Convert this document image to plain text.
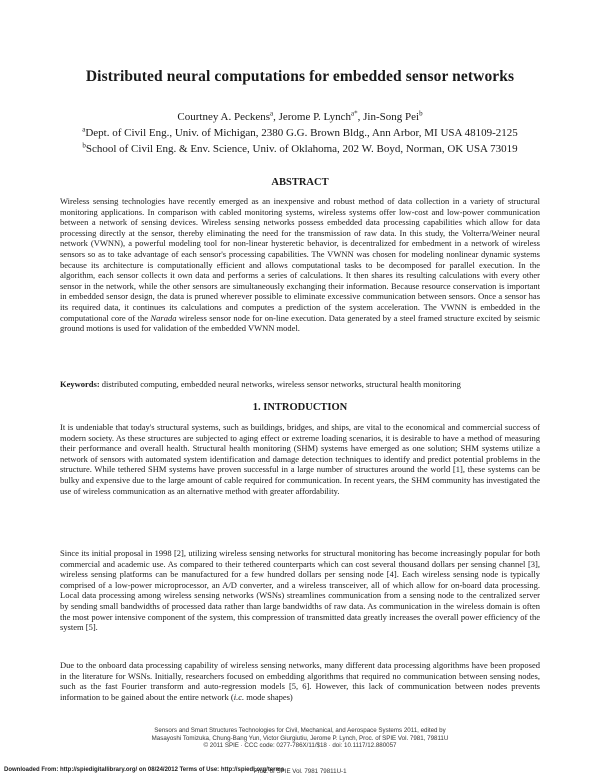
Distributed neural computations for embedded sensor networks
Courtney A. Peckens$^a$, Jerome P. Lynch$^{a*}$, Jin-Song Pei$^b$
$^a$Dept. of Civil Eng., Univ. of Michigan, 2380 G.G. Brown Bldg., Ann Arbor, MI USA 48109-2125
$^b$School of Civil Eng. & Env. Science, Univ. of Oklahoma, 202 W. Boyd, Norman, OK USA 73019
ABSTRACT

Wireless sensing technologies have recently emerged as an inexpensive and robust method of data collection in a variety of structural monitoring applications. In comparison with cabled monitoring systems, wireless systems offer low-cost and low-power communication between a network of sensing devices. Wireless sensing networks possess embedded data processing capabilities which allow for data processing directly at the sensor, thereby eliminating the need for the transmission of raw data. In this study, the Volterra/Weiner neural network (VWNN), a powerful modeling tool for non-linear hysteretic behavior, is decentralized for embedment in a network of wireless sensors so as to take advantage of each sensor's processing capabilities. The VWNN was chosen for modeling nonlinear dynamic systems because its architecture is computationally efficient and allows computational tasks to be decomposed for parallel execution. In the algorithm, each sensor collects it own data and performs a series of calculations. It then shares its resulting calculations with every other sensor in the network, while the other sensors are simultaneously exchanging their information. Because resource conservation is important in embedded sensor design, the data is pruned wherever possible to eliminate excessive communication between sensors. Once a sensor has its required data, it continues its calculations and computes a prediction of the system acceleration. The VWNN is embedded in the computational core of the Narada wireless sensor node for on-line execution. Data generated by a steel framed structure excited by seismic ground motions is used for validation of the embedded VWNN model.

Keywords: distributed computing, embedded neural networks, wireless sensor networks, structural health monitoring

1. INTRODUCTION

It is undeniable that today's structural systems, such as buildings, bridges, and ships, are vital to the economical and commercial success of modern society. As these structures are subjected to aging effect or extreme loading scenarios, it is desirable to have a method of measuring their performance and overall health. Structural health monitoring (SHM) systems have emerged as one solution; SHM systems utilize a network of sensors with automated system identification and damage detection techniques to identify and predict potential problems in the structure. While tethered SHM systems have proven successful in a large number of structures around the world [1], these systems can be bulky and expensive due to the large amount of cable required for communication. In recent years, the SHM community has investigated the use of wireless communication as an alternative method with greater affordability.

Since its initial proposal in 1998 [2], utilizing wireless sensing networks for structural monitoring has become increasingly popular for both commercial and academic use. As compared to their tethered counterparts which can cost several thousand dollars per sensing channel [3], wireless sensing platforms can be manufactured for a few hundred dollars per sensing node [4]. Each wireless sensing node is typically comprised of a low-power microprocessor, an A/D converter, and a wireless transceiver, all of which allow for on-board data processing. Local data processing among wireless sensing networks (WSNs) streamlines communication from a sensing node to the centralized server by sending small bandwidths of processed data rather than large bandwidths of raw data. As communication in the wireless domain is often the most power intensive component of the system, this compression of transmitted data greatly increases the overall power efficiency of the system [5].

Due to the onboard data processing capability of wireless sensing networks, many different data processing algorithms have been proposed in the literature for WSNs. Initially, researchers focused on embedding algorithms that required no communication between sensing nodes, such as the fast Fourier transform and auto-regression models [5, 6]. However, this lack of communication between nodes prevents information to be gained about the entire network (i.c. mode shapes)

Sensors and Smart Structures Technologies for Civil, Mechanical, and Aerospace Systems 2011, edited by
Masayoshi Tomizuka, Chung-Bang Yun, Victor Giurgiutiu, Jerome P. Lynch, Proc. of SPIE Vol. 7981, 79811U
© 2011 SPIE · CCC code: 0277-786X/11/$18 · doi: 10.1117/12.880057
Proc. of SPIE Vol. 7981 79811U-1
Downloaded From: http://spiedigitallibrary.org/ on 08/24/2012 Terms of Use: http://spiedl.org/terms
